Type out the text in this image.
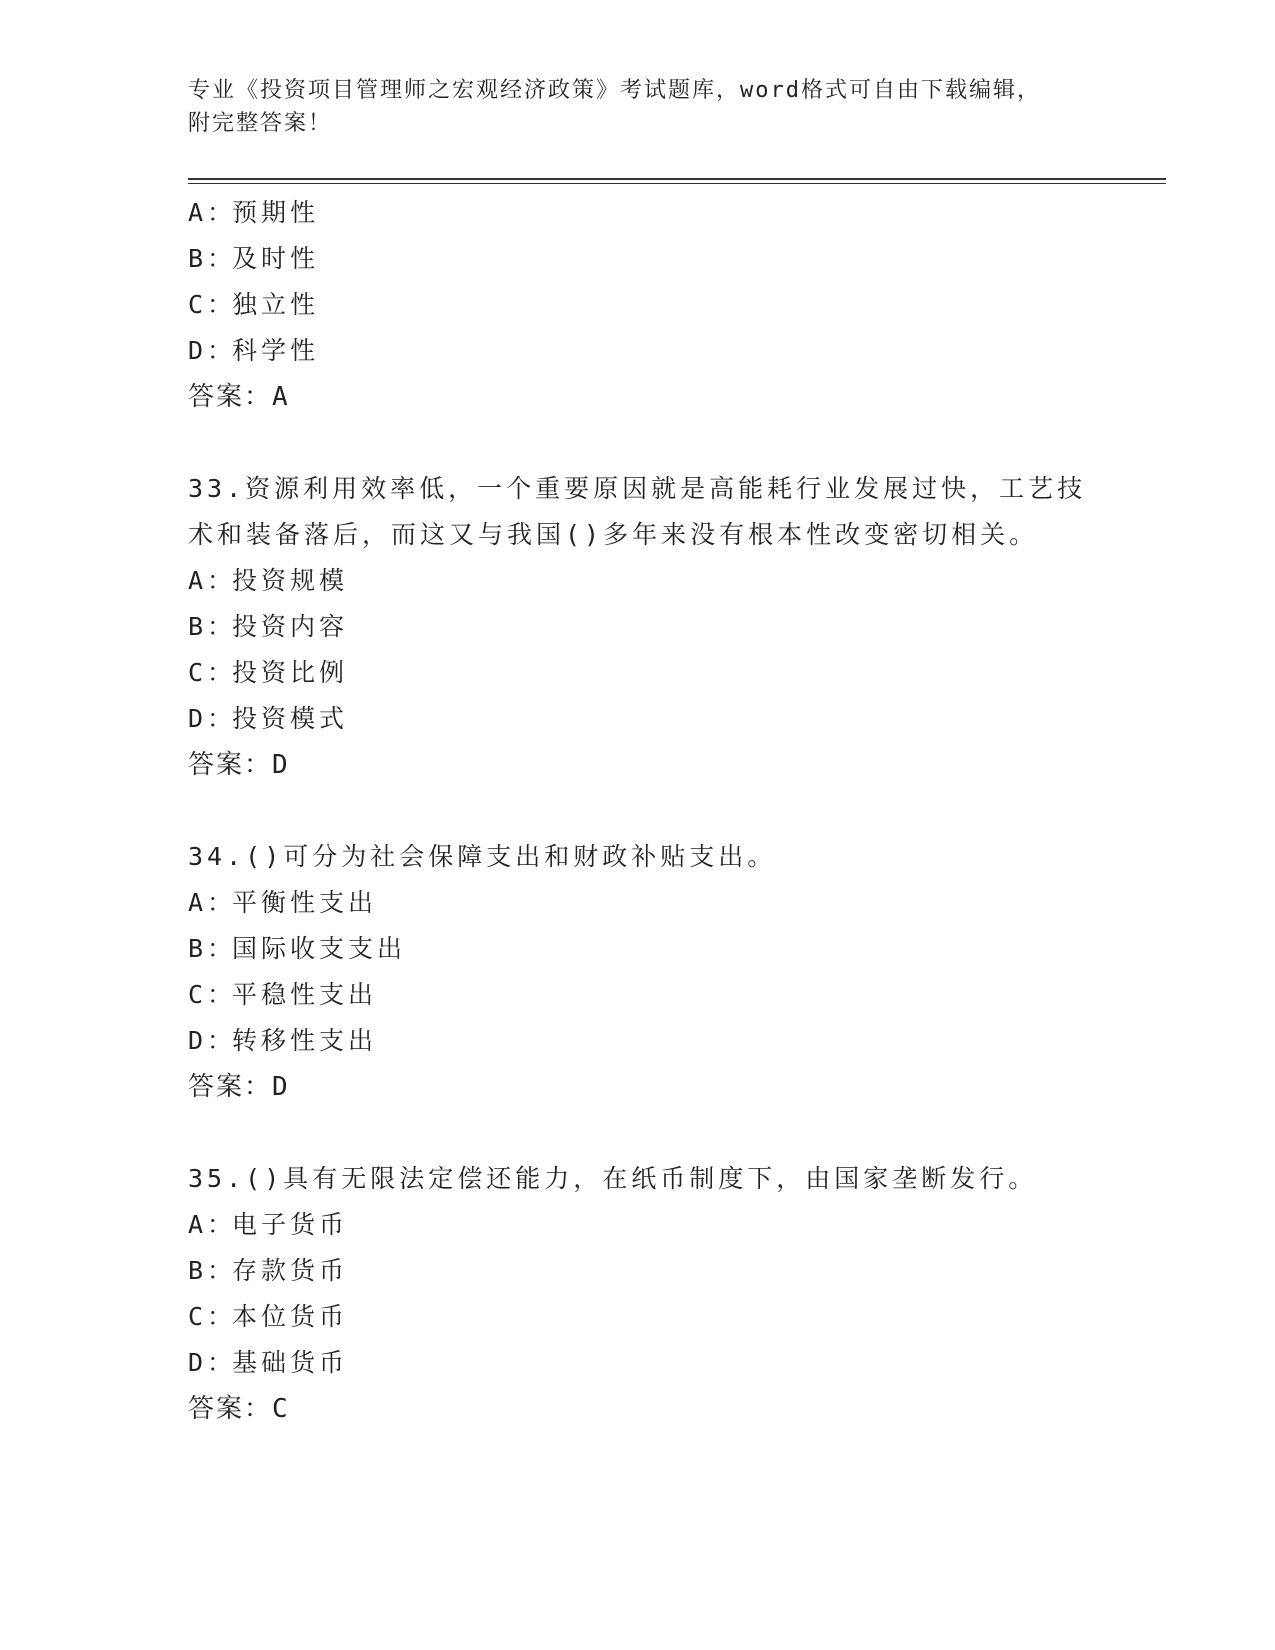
专业《投资项目管理师之宏观经济政策》考试题库，word格式可自由下载编辑，
附完整答案！
A：预期性
B：及时性
C：独立性
D：科学性
答案：A
33.资源利用效率低，一个重要原因就是高能耗行业发展过快，工艺技
术和装备落后，而这又与我国()多年来没有根本性改变密切相关。
A：投资规模
B：投资内容
C：投资比例
D：投资模式
答案：D
34.()可分为社会保障支出和财政补贴支出。
A：平衡性支出
B：国际收支支出
C：平稳性支出
D：转移性支出
答案：D
35.()具有无限法定偿还能力，在纸币制度下，由国家垄断发行。
A：电子货币
B：存款货币
C：本位货币
D：基础货币
答案：C
